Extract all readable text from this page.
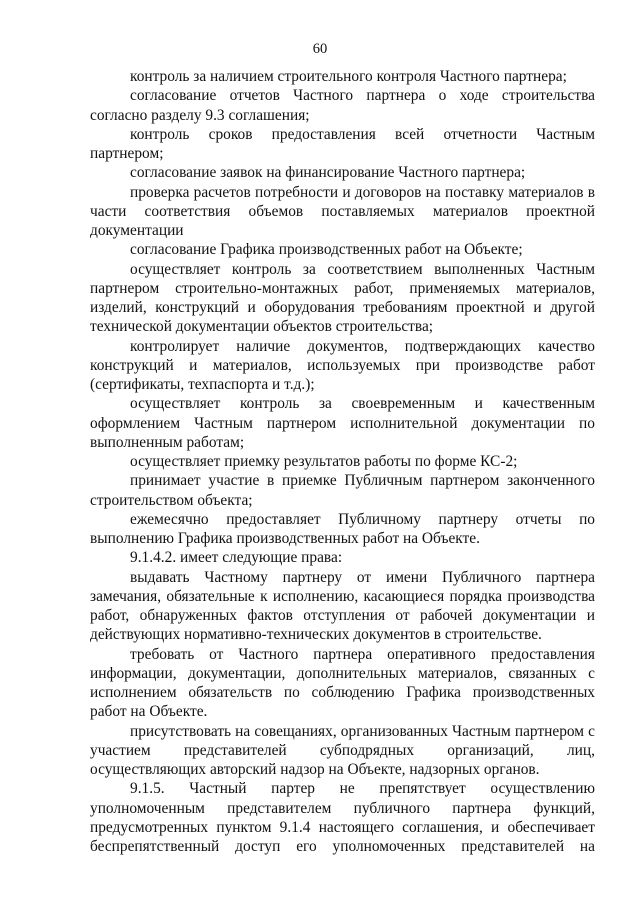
60

контроль за наличием строительного контроля Частного партнера;

согласование отчетов Частного партнера о ходе строительства согласно разделу 9.3 соглашения;

контроль сроков предоставления всей отчетности Частным партнером;

согласование заявок на финансирование Частного партнера;

проверка расчетов потребности и договоров на поставку материалов в части соответствия объемов поставляемых материалов проектной документации

согласование Графика производственных работ на Объекте;

осуществляет контроль за соответствием выполненных Частным партнером строительно-монтажных работ, применяемых материалов, изделий, конструкций и оборудования требованиям проектной и другой технической документации объектов строительства;

контролирует наличие документов, подтверждающих качество конструкций и материалов, используемых при производстве работ (сертификаты, техпаспорта и т.д.);

осуществляет контроль за своевременным и качественным оформлением Частным партнером исполнительной документации по выполненным работам;

осуществляет приемку результатов работы по форме КС-2;

принимает участие в приемке Публичным партнером законченного строительством объекта;

ежемесячно предоставляет Публичному партнеру отчеты по выполнению Графика производственных работ на Объекте.

9.1.4.2. имеет следующие права:

выдавать Частному партнеру от имени Публичного партнера замечания, обязательные к исполнению, касающиеся порядка производства работ, обнаруженных фактов отступления от рабочей документации и действующих нормативно-технических документов в строительстве.

требовать от Частного партнера оперативного предоставления информации, документации, дополнительных материалов, связанных с исполнением обязательств по соблюдению Графика производственных работ на Объекте.

присутствовать на совещаниях, организованных Частным партнером с участием представителей субподрядных организаций, лиц, осуществляющих авторский надзор на Объекте, надзорных органов.

9.1.5. Частный партер не препятствует осуществлению уполномоченным представителем публичного партнера функций, предусмотренных пунктом 9.1.4 настоящего соглашения, и обеспечивает беспрепятственный доступ его уполномоченных представителей на
